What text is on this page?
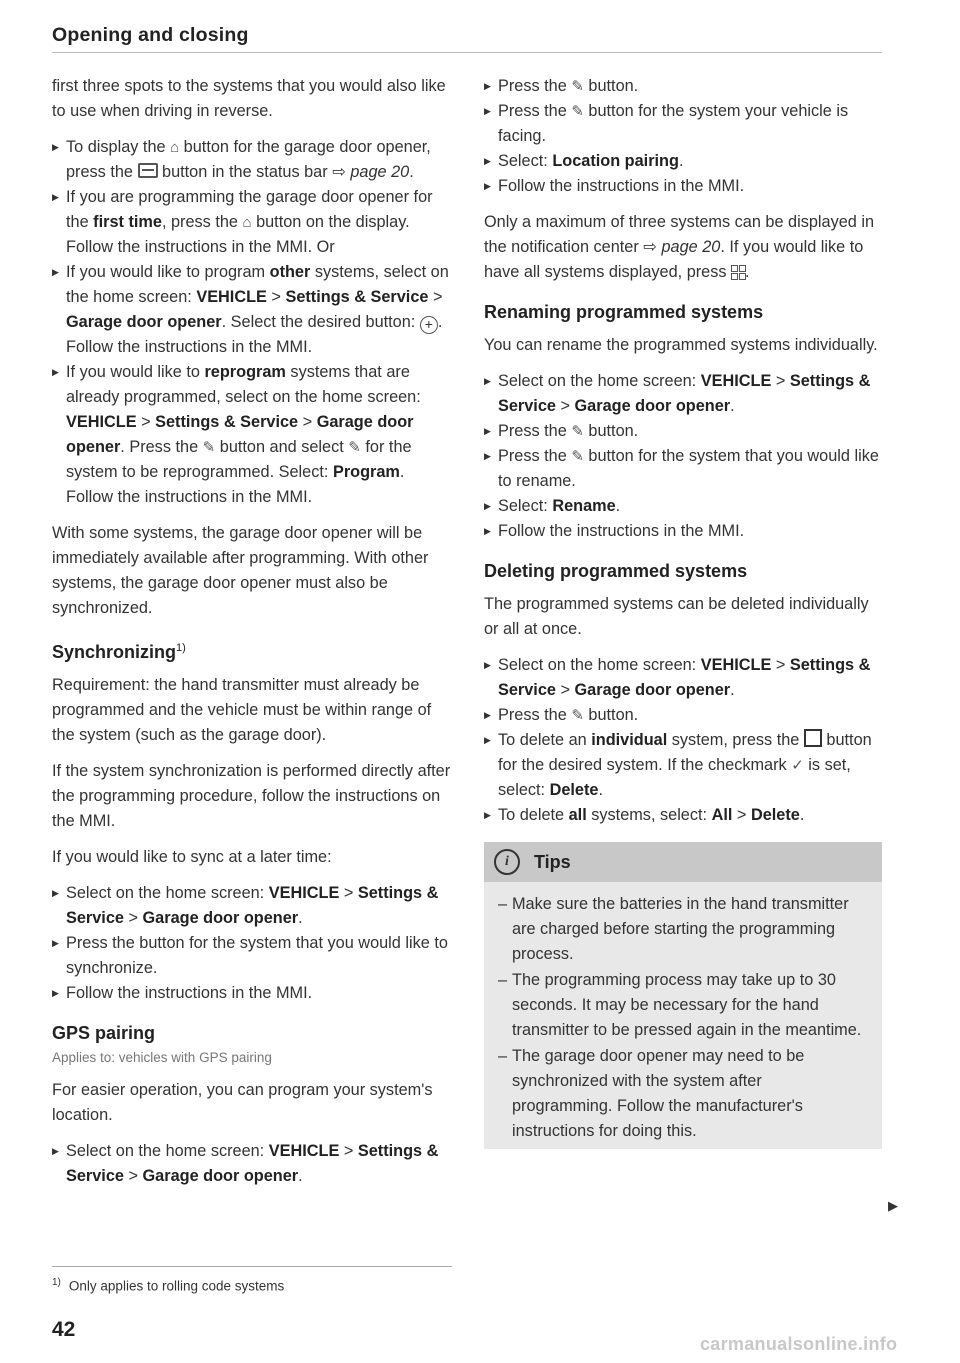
Opening and closing

first three spots to the systems that you would also like to use when driving in reverse.

▶ To display the ⌂ button for the garage door opener, press the  button in the status bar ⇨ page 20.
▶ If you are programming the garage door opener for the first time, press the ⌂ button on the display. Follow the instructions in the MMI. Or
▶ If you would like to program other systems, select on the home screen: VEHICLE > Settings & Service > Garage door opener. Select the desired button: + . Follow the instructions in the MMI.
▶ If you would like to reprogram systems that are already programmed, select on the home screen: VEHICLE > Settings & Service > Garage door opener. Press the ✎ button and select ✎ for the system to be reprogrammed. Select: Program. Follow the instructions in the MMI.

With some systems, the garage door opener will be immediately available after programming. With other systems, the garage door opener must also be synchronized.

Synchronizing$^{1)}$

Requirement: the hand transmitter must already be programmed and the vehicle must be within range of the system (such as the garage door).

If the system synchronization is performed directly after the programming procedure, follow the instructions on the MMI.

If you would like to sync at a later time:

▶ Select on the home screen: VEHICLE > Settings & Service > Garage door opener.
▶ Press the button for the system that you would like to synchronize.
▶ Follow the instructions in the MMI.
GPS pairing
Applies to: vehicles with GPS pairing

For easier operation, you can program your system's location.

▶ Select on the home screen: VEHICLE > Settings & Service > Garage door opener.
▶ Press the ✎ button.
▶ Press the ✎ button for the system your vehicle is facing.
▶ Select: Location pairing.
▶ Follow the instructions in the MMI.

Only a maximum of three systems can be displayed in the notification center ⇨ page 20. If you would like to have all systems displayed, press
.

Renaming programmed systems

You can rename the programmed systems individually.

▶ Select on the home screen: VEHICLE > Settings & Service > Garage door opener.
▶ Press the ✎ button.
▶ Press the ✎ button for the system that you would like to rename.
▶ Select: Rename.
▶ Follow the instructions in the MMI.
Deleting programmed systems

The programmed systems can be deleted individually or all at once.

▶ Select on the home screen: VEHICLE > Settings & Service > Garage door opener.
▶ Press the ✎ button.
▶ To delete an individual system, press the  button for the desired system. If the checkmark ✓ is set, select: Delete.
▶ To delete all systems, select: All > Delete.
i	Tips
– Make sure the batteries in the hand transmitter are charged before starting the programming process.
– The programming process may take up to 30 seconds. It may be necessary for the hand transmitter to be pressed again in the meantime.
– The garage door opener may need to be synchronized with the system after programming. Follow the manufacturer's instructions for doing this.
▶
$^{1)}$ Only applies to rolling code systems
42
carmanualsonline.info
